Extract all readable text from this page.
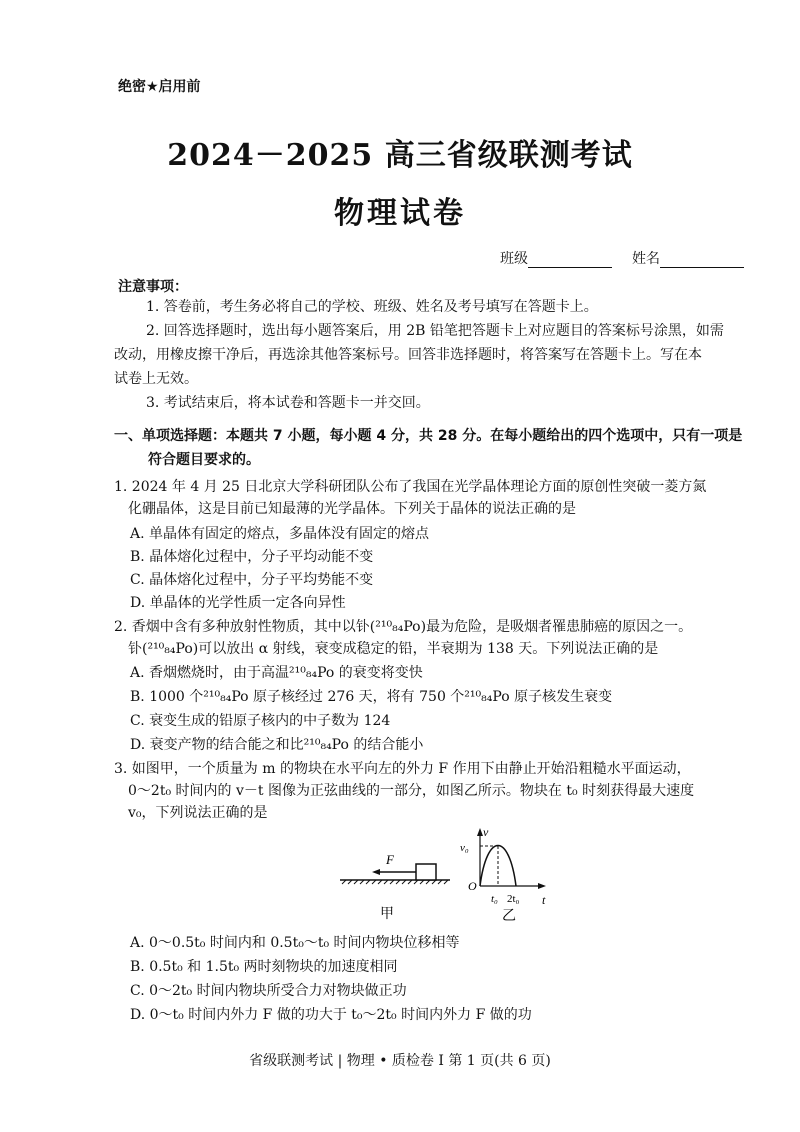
绝密★启用前
2024－2025 高三省级联测考试
物理试卷
班级	姓名
注意事项：
1. 答卷前，考生务必将自己的学校、班级、姓名及考号填写在答题卡上。
2. 回答选择题时，选出每小题答案后，用 2B 铅笔把答题卡上对应题目的答案标号涂黑，如需
改动，用橡皮擦干净后，再选涂其他答案标号。回答非选择题时，将答案写在答题卡上。写在本
试卷上无效。
3. 考试结束后，将本试卷和答题卡一并交回。
一、单项选择题：本题共 7 小题，每小题 4 分，共 28 分。在每小题给出的四个选项中，只有一项是
符合题目要求的。
1. 2024 年 4 月 25 日北京大学科研团队公布了我国在光学晶体理论方面的原创性突破一菱方氮
化硼晶体，这是目前已知最薄的光学晶体。下列关于晶体的说法正确的是
A. 单晶体有固定的熔点，多晶体没有固定的熔点
B. 晶体熔化过程中，分子平均动能不变
C. 晶体熔化过程中，分子平均势能不变
D. 单晶体的光学性质一定各向异性
2. 香烟中含有多种放射性物质，其中以钋(²¹⁰₈₄Po)最为危险，是吸烟者罹患肺癌的原因之一。
钋(²¹⁰₈₄Po)可以放出 α 射线，衰变成稳定的铅，半衰期为 138 天。下列说法正确的是
A. 香烟燃烧时，由于高温²¹⁰₈₄Po 的衰变将变快
B. 1000 个²¹⁰₈₄Po 原子核经过 276 天，将有 750 个²¹⁰₈₄Po 原子核发生衰变
C. 衰变生成的铅原子核内的中子数为 124
D. 衰变产物的结合能之和比²¹⁰₈₄Po 的结合能小
3. 如图甲，一个质量为 m 的物块在水平向左的外力 F 作用下由静止开始沿粗糙水平面运动，
0～2t₀ 时间内的 v－t 图像为正弦曲线的一部分，如图乙所示。物块在 t₀ 时刻获得最大速度
v₀，下列说法正确的是
F
甲
v
t
O
v₀
t₀ 2t₀
乙
A. 0～0.5t₀ 时间内和 0.5t₀～t₀ 时间内物块位移相等
B. 0.5t₀ 和 1.5t₀ 两时刻物块的加速度相同
C. 0～2t₀ 时间内物块所受合力对物块做正功
D. 0～t₀ 时间内外力 F 做的功大于 t₀～2t₀ 时间内外力 F 做的功
省级联测考试 | 物理 • 质检卷 Ⅰ 第 1 页(共 6 页)
